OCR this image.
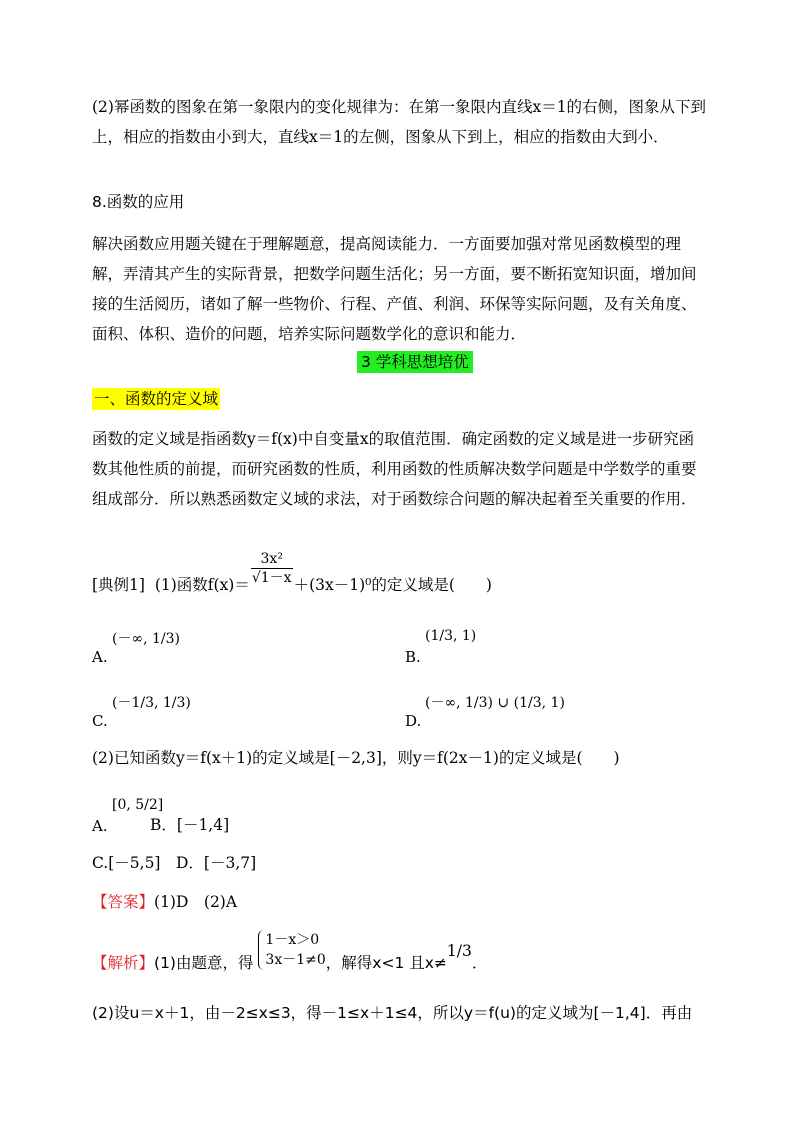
(2)幂函数的图象在第一象限内的变化规律为：在第一象限内直线x＝1的右侧，图象从下到上，相应的指数由小到大，直线x＝1的左侧，图象从下到上，相应的指数由大到小．

8.函数的应用

解决函数应用题关键在于理解题意，提高阅读能力．一方面要加强对常见函数模型的理解，弄清其产生的实际背景，把数学问题生活化；另一方面，要不断拓宽知识面，增加间接的生活阅历，诸如了解一些物价、行程、产值、利润、环保等实际问题，及有关角度、面积、体积、造价的问题，培养实际问题数学化的意识和能力．

3 学科思想培优
一、函数的定义域

函数的定义域是指函数y＝f(x)中自变量x的取值范围．确定函数的定义域是进一步研究函数其他性质的前提，而研究函数的性质，利用函数的性质解决数学问题是中学数学的重要组成部分．所以熟悉函数定义域的求法，对于函数综合问题的解决起着至关重要的作用．

[典例1] (1)函数$f(x)= \frac{\text{3x²}}{√1-x} +(3x-1)^0$的定义域是(　　)
A.
(－∞, 1/3)
B.
(1/3, 1)
C.
(－1/3, 1/3)
D.
(－∞, 1/3) ∪ (1/3, 1)
(2)已知函数y＝f(x＋1)的定义域是[－2,3]，则y＝f(2x－1)的定义域是(　　)
A.
[0, 5/2]
B．[－1,4]
C.[－5,5]　D．[－3,7]
【答案】(1)D　(2)A
【解析】(1)由题意，得
1－x＞0
3x－1≠0 ，解得x<1 且x≠1/3．
(2)设u＝x＋1，由－2≤x≤3，得－1≤x＋1≤4，所以y＝f(u)的定义域为[－1,4]．再由
